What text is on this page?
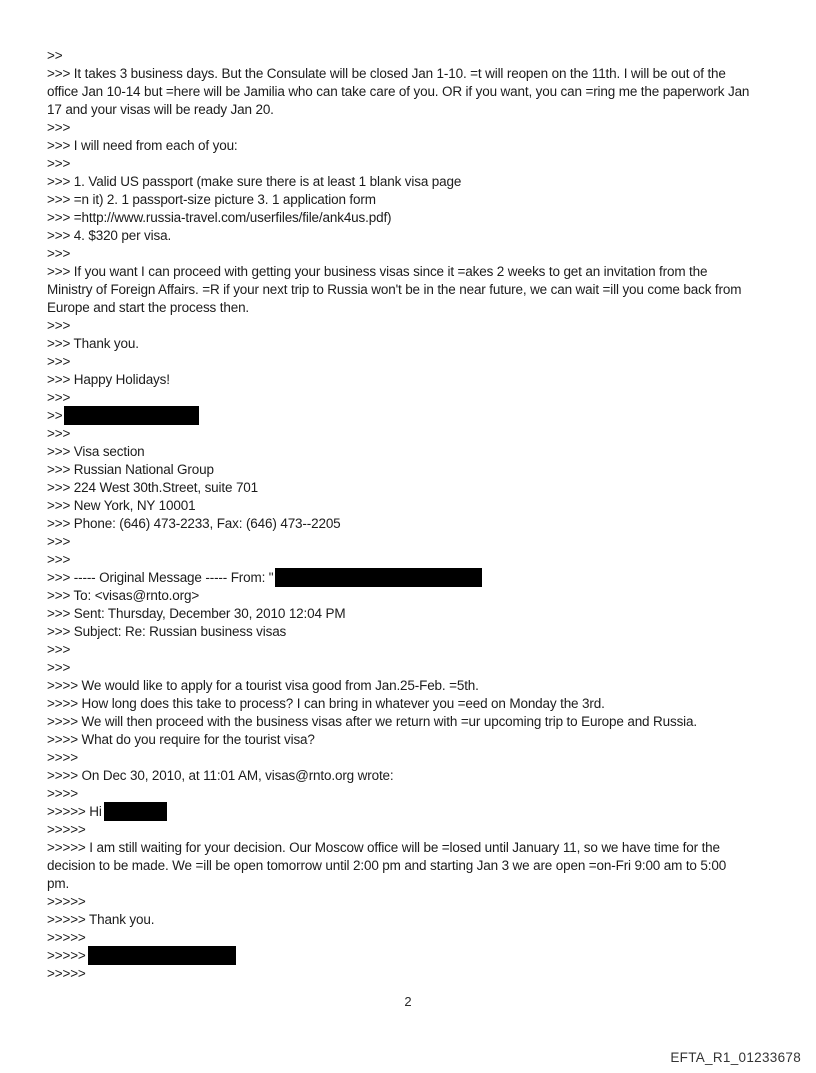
>>
>>> It takes 3 business days. But the Consulate will be closed Jan 1-10. =t will reopen on the 11th. I will be out of the
office Jan 10-14 but =here will be Jamilia who can take care of you. OR if you want, you can =ring me the paperwork Jan
17 and your visas will be ready Jan 20.
>>>
>>> I will need from each of you:
>>>
>>> 1. Valid US passport (make sure there is at least 1 blank visa page
>>> =n it) 2. 1 passport-size picture 3. 1 application form
>>> =http://www.russia-travel.com/userfiles/file/ank4us.pdf)
>>> 4. $320 per visa.
>>>
>>> If you want I can proceed with getting your business visas since it =akes 2 weeks to get an invitation from the
Ministry of Foreign Affairs. =R if your next trip to Russia won't be in the near future, we can wait =ill you come back from
Europe and start the process then.
>>>
>>> Thank you.
>>>
>>> Happy Holidays!
>>>
>>
>>>
>>> Visa section
>>> Russian National Group
>>> 224 West 30th.Street, suite 701
>>> New York, NY 10001
>>> Phone: (646) 473-2233, Fax: (646) 473--2205
>>>
>>>
>>> ----- Original Message ----- From: "
>>> To: <visas@rnto.org>
>>> Sent: Thursday, December 30, 2010 12:04 PM
>>> Subject: Re: Russian business visas
>>>
>>>
>>>> We would like to apply for a tourist visa good from Jan.25-Feb. =5th.
>>>> How long does this take to process? I can bring in whatever you =eed on Monday the 3rd.
>>>> We will then proceed with the business visas after we return with =ur upcoming trip to Europe and Russia.
>>>> What do you require for the tourist visa?
>>>>
>>>> On Dec 30, 2010, at 11:01 AM, visas@rnto.org wrote:
>>>>
>>>>> Hi
>>>>>
>>>>> I am still waiting for your decision. Our Moscow office will be =losed until January 11, so we have time for the
decision to be made. We =ill be open tomorrow until 2:00 pm and starting Jan 3 we are open =on-Fri 9:00 am to 5:00
pm.
>>>>>
>>>>> Thank you.
>>>>>
>>>>>
>>>>>
2
EFTA_R1_01233678
